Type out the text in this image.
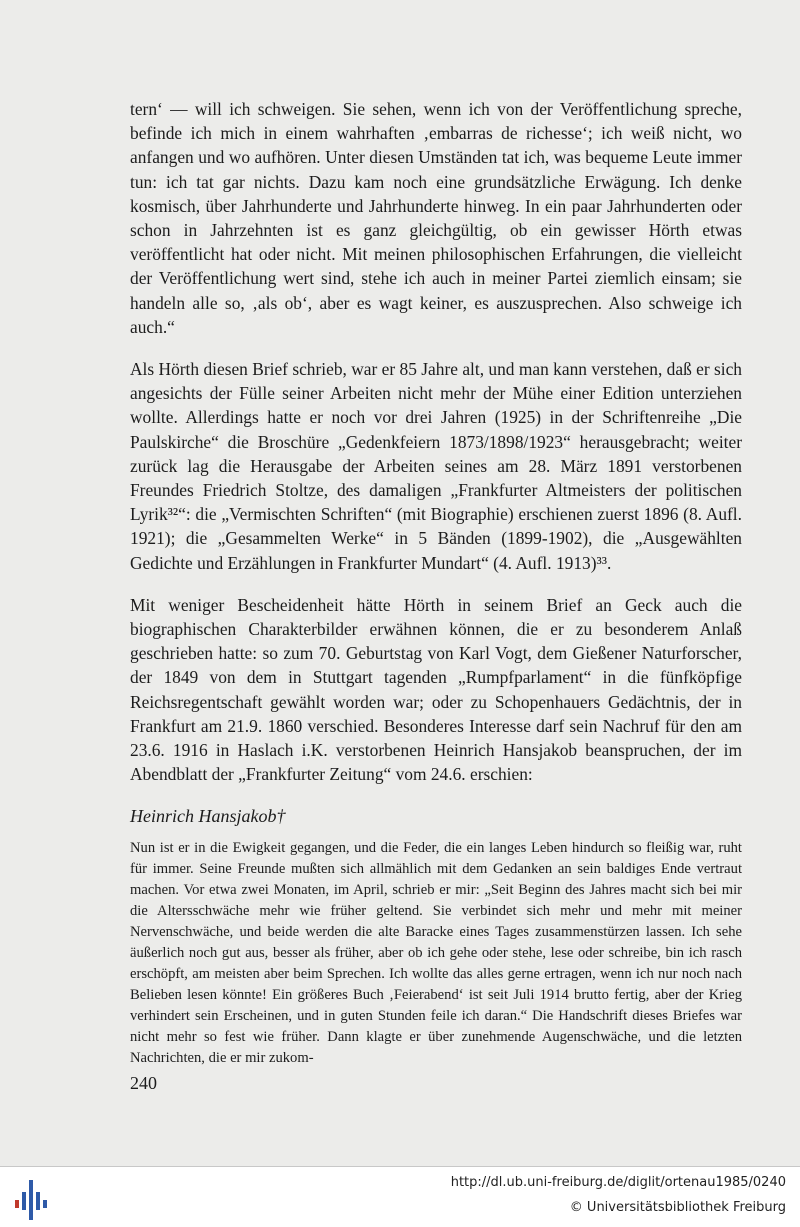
tern‘ — will ich schweigen. Sie sehen, wenn ich von der Veröffentlichung spreche, befinde ich mich in einem wahrhaften ‚embarras de richesse‘; ich weiß nicht, wo anfangen und wo aufhören. Unter diesen Umständen tat ich, was bequeme Leute immer tun: ich tat gar nichts. Dazu kam noch eine grundsätzliche Erwägung. Ich denke kosmisch, über Jahrhunderte und Jahrhunderte hinweg. In ein paar Jahrhunderten oder schon in Jahrzehnten ist es ganz gleichgültig, ob ein gewisser Hörth etwas veröffentlicht hat oder nicht. Mit meinen philosophischen Erfahrungen, die vielleicht der Veröffentlichung wert sind, stehe ich auch in meiner Partei ziemlich einsam; sie handeln alle so, ‚als ob‘, aber es wagt keiner, es auszusprechen. Also schweige ich auch.“

Als Hörth diesen Brief schrieb, war er 85 Jahre alt, und man kann verstehen, daß er sich angesichts der Fülle seiner Arbeiten nicht mehr der Mühe einer Edition unterziehen wollte. Allerdings hatte er noch vor drei Jahren (1925) in der Schriftenreihe „Die Paulskirche“ die Broschüre „Gedenkfeiern 1873/1898/1923“ herausgebracht; weiter zurück lag die Herausgabe der Arbeiten seines am 28. März 1891 verstorbenen Freundes Friedrich Stoltze, des damaligen „Frankfurter Altmeisters der politischen Lyrik³²“: die „Vermischten Schriften“ (mit Biographie) erschienen zuerst 1896 (8. Aufl. 1921); die „Gesammelten Werke“ in 5 Bänden (1899-1902), die „Ausgewählten Gedichte und Erzählungen in Frankfurter Mundart“ (4. Aufl. 1913)³³.

Mit weniger Bescheidenheit hätte Hörth in seinem Brief an Geck auch die biographischen Charakterbilder erwähnen können, die er zu besonderem Anlaß geschrieben hatte: so zum 70. Geburtstag von Karl Vogt, dem Gießener Naturforscher, der 1849 von dem in Stuttgart tagenden „Rumpfparlament“ in die fünfköpfige Reichsregentschaft gewählt worden war; oder zu Schopenhauers Gedächtnis, der in Frankfurt am 21.9. 1860 verschied. Besonderes Interesse darf sein Nachruf für den am 23.6. 1916 in Haslach i.K. verstorbenen Heinrich Hansjakob beanspruchen, der im Abendblatt der „Frankfurter Zeitung“ vom 24.6. erschien:

Heinrich Hansjakob†

Nun ist er in die Ewigkeit gegangen, und die Feder, die ein langes Leben hindurch so fleißig war, ruht für immer. Seine Freunde mußten sich allmählich mit dem Gedanken an sein baldiges Ende vertraut machen. Vor etwa zwei Monaten, im April, schrieb er mir: „Seit Beginn des Jahres macht sich bei mir die Altersschwäche mehr wie früher geltend. Sie verbindet sich mehr und mehr mit meiner Nervenschwäche, und beide werden die alte Baracke eines Tages zusammenstürzen lassen. Ich sehe äußerlich noch gut aus, besser als früher, aber ob ich gehe oder stehe, lese oder schreibe, bin ich rasch erschöpft, am meisten aber beim Sprechen. Ich wollte das alles gerne ertragen, wenn ich nur noch nach Belieben lesen könnte! Ein größeres Buch ‚Feierabend‘ ist seit Juli 1914 brutto fertig, aber der Krieg verhindert sein Erscheinen, und in guten Stunden feile ich daran.“ Die Handschrift dieses Briefes war nicht mehr so fest wie früher. Dann klagte er über zunehmende Augenschwäche, und die letzten Nachrichten, die er mir zukom-

240
http://dl.ub.uni-freiburg.de/diglit/ortenau1985/0240
© Universitätsbibliothek Freiburg
